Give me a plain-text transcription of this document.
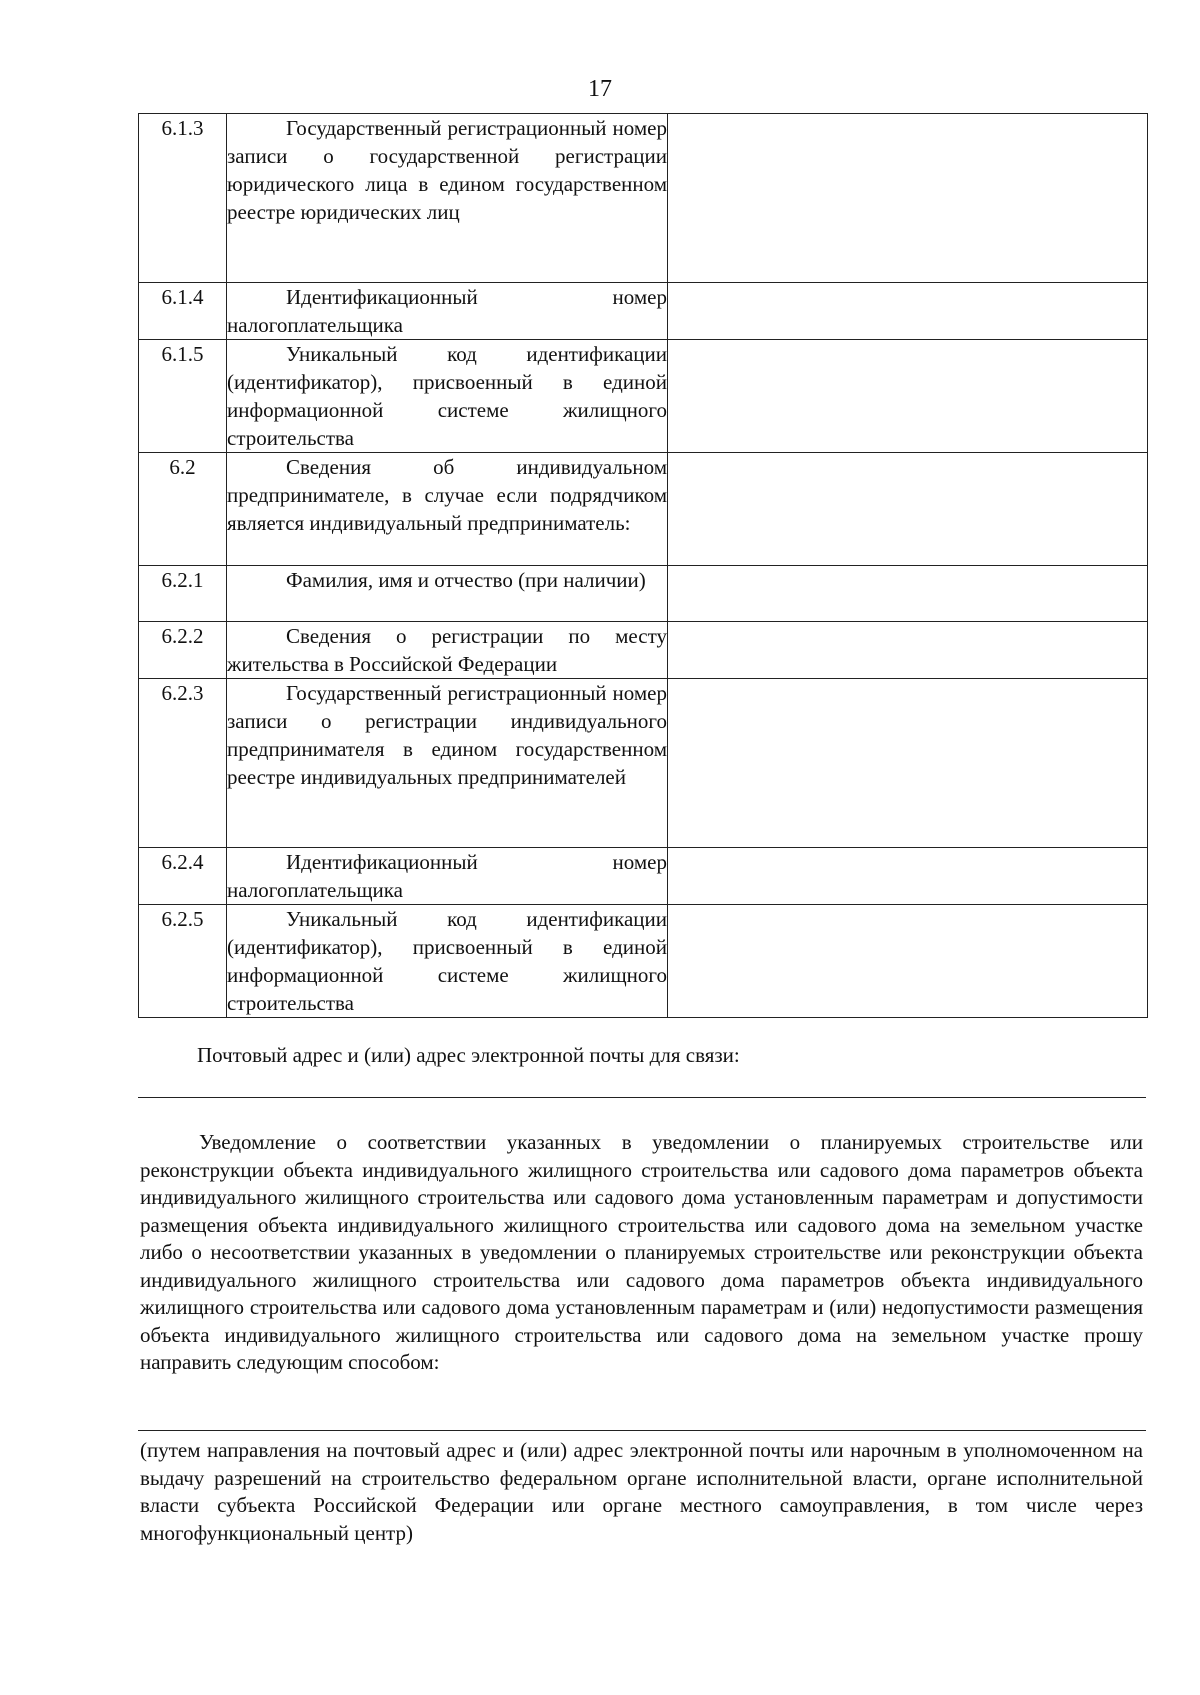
17
6.1.3	Государственный регистрационный номер записи о государственной регистрации юридического лица в едином государственном реестре юридических лиц	

6.1.4	Идентификационный номер налогоплательщика	

6.1.5	Уникальный код идентификации (идентификатор), присвоенный в единой информационной системе жилищного строительства	

6.2	Сведения об индивидуальном предпринимателе, в случае если подрядчиком является индивидуальный предприниматель:	

6.2.1	Фамилия, имя и отчество (при наличии)	

6.2.2	Сведения о регистрации по месту жительства в Российской Федерации	

6.2.3	Государственный регистрационный номер записи о регистрации индивидуального предпринимателя в едином государственном реестре индивидуальных предпринимателей	

6.2.4	Идентификационный номер налогоплательщика	

6.2.5	Уникальный код идентификации (идентификатор), присвоенный в единой информационной системе жилищного строительства	

Почтовый адрес и (или) адрес электронной почты для связи:
Уведомление о соответствии указанных в уведомлении о планируемых строительстве или реконструкции объекта индивидуального жилищного строительства или садового дома параметров объекта индивидуального жилищного строительства или садового дома установленным параметрам и допустимости размещения объекта индивидуального жилищного строительства или садового дома на земельном участке либо о несоответствии указанных в уведомлении о планируемых строительстве или реконструкции объекта индивидуального жилищного строительства или садового дома параметров объекта индивидуального жилищного строительства или садового дома установленным параметрам и (или) недопустимости размещения объекта индивидуального жилищного строительства или садового дома на земельном участке прошу направить следующим способом:
(путем направления на почтовый адрес и (или) адрес электронной почты или нарочным в уполномоченном на выдачу разрешений на строительство федеральном органе исполнительной власти, органе исполнительной власти субъекта Российской Федерации или органе местного самоуправления, в том числе через многофункциональный центр)
